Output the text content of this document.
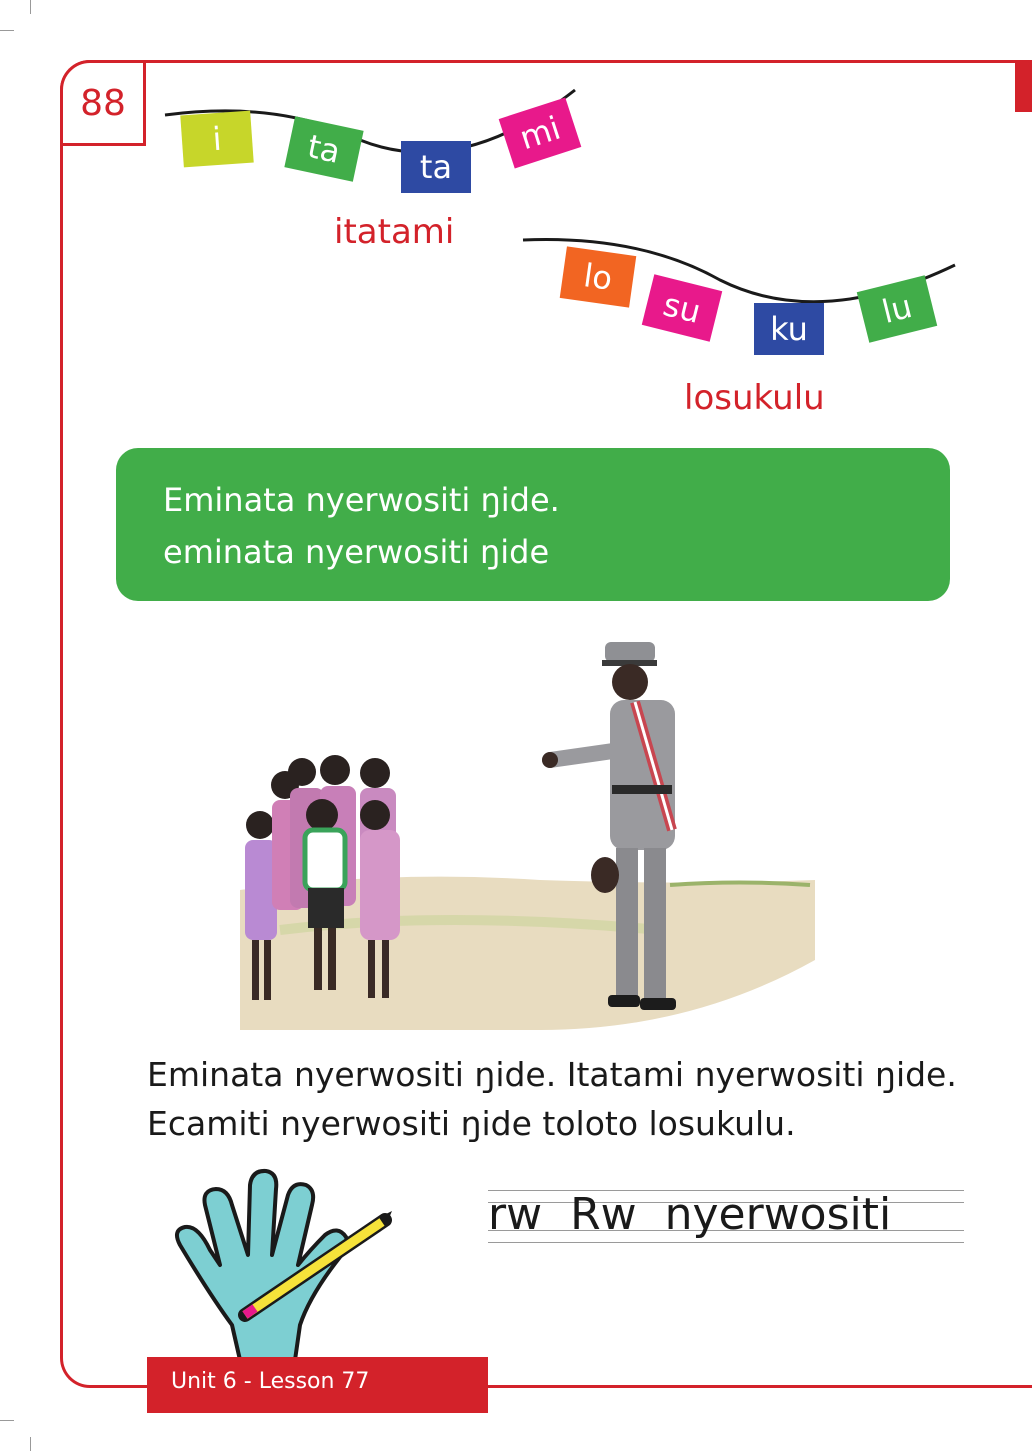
88
i	ta ta
mi
itatami
lo
su ku lu
losukulu
Eminata nyerwositi ŋide.
eminata nyerwositi ŋide
Eminata nyerwositi ŋide. Itatami nyerwositi ŋide.
Ecamiti nyerwositi ŋide toloto losukulu.
rw Rw nyerwositi
Unit 6 - Lesson 77
